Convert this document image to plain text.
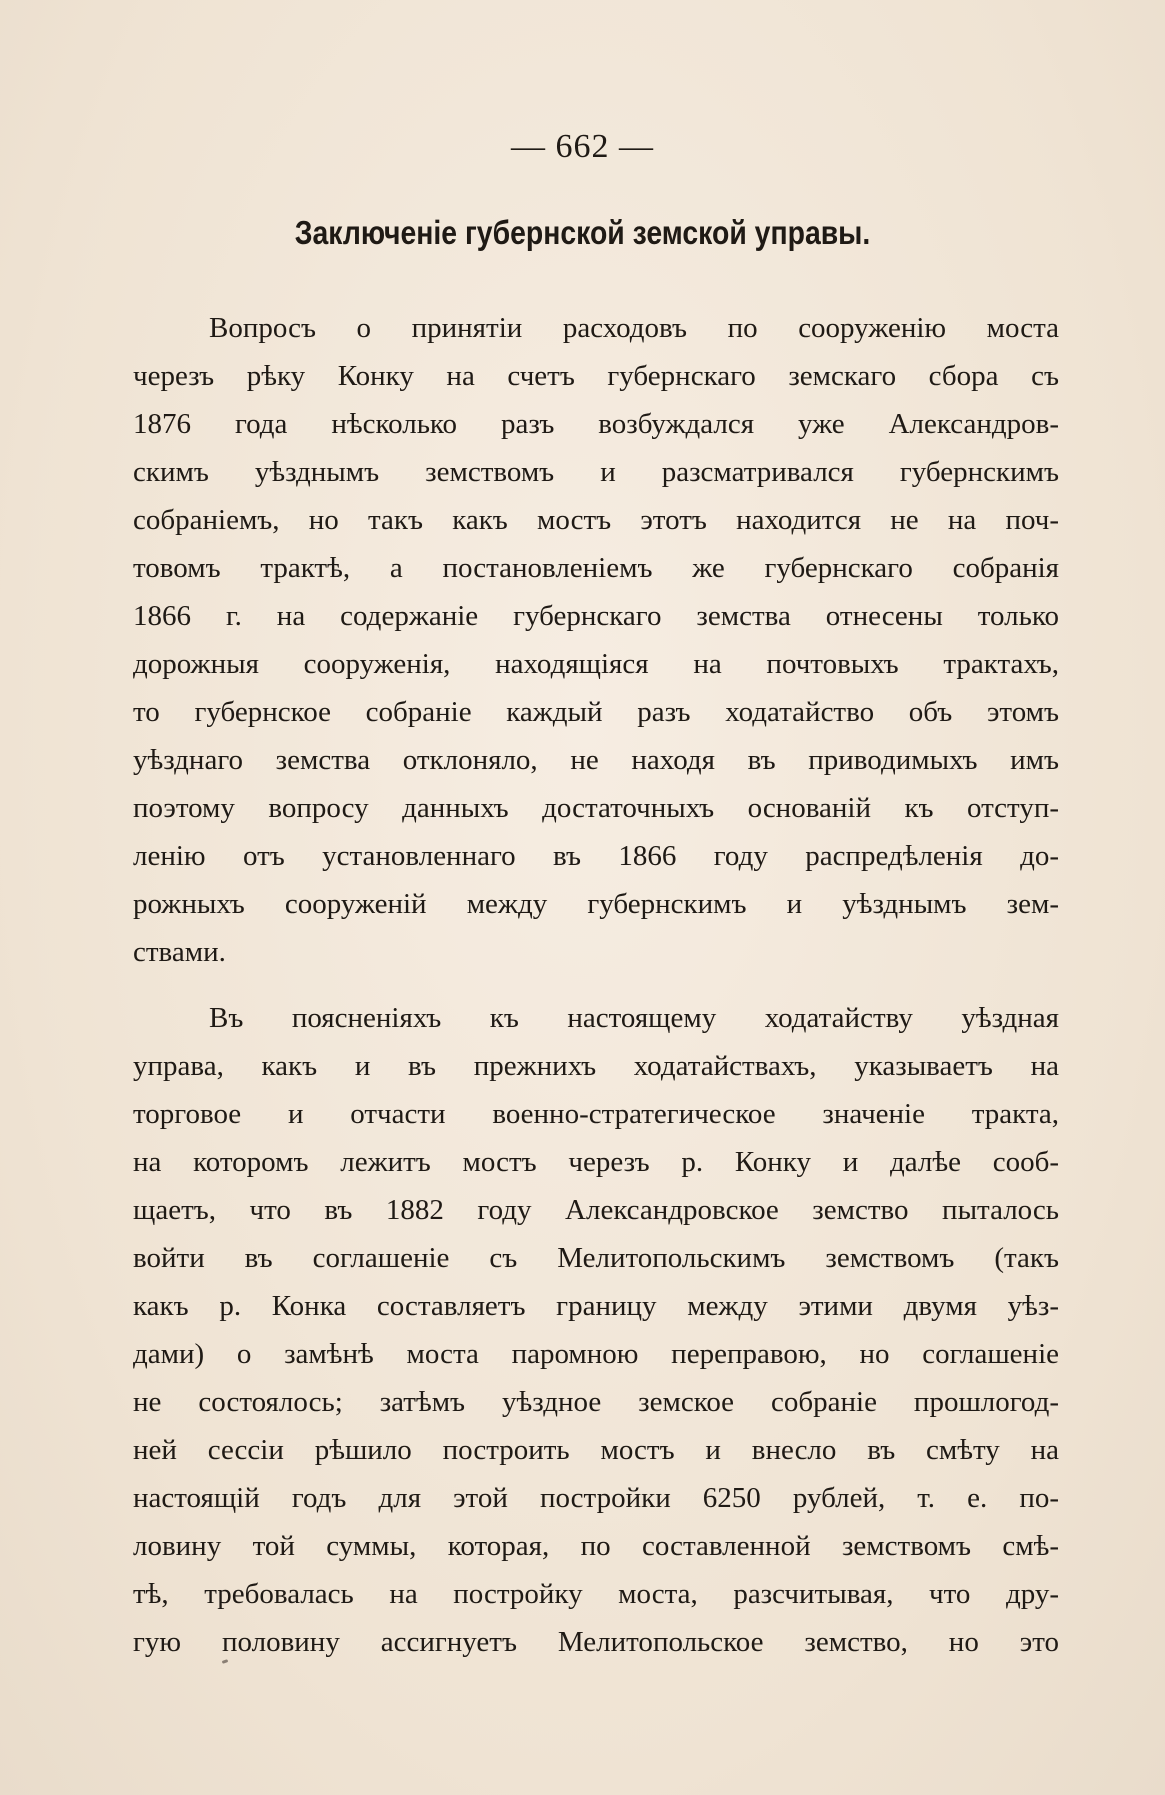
— 662 —
Заключеніе губернской земской управы.
Вопросъ о принятіи расходовъ по сооруженію моста
черезъ рѣку Конку на счетъ губернскаго земскаго сбора съ
1876 года нѣсколько разъ возбуждался уже Александров-
скимъ уѣзднымъ земствомъ и разсматривался губернскимъ
собраніемъ, но такъ какъ мостъ этотъ находится не на поч-
товомъ трактѣ, а постановленіемъ же губернскаго собранія
1866 г. на содержаніе губернскаго земства отнесены только
дорожныя сооруженія, находящіяся на почтовыхъ трактахъ,
то губернское собраніе каждый разъ ходатайство объ этомъ
уѣзднаго земства отклоняло, не находя въ приводимыхъ имъ
поэтому вопросу данныхъ достаточныхъ основаній къ отступ-
ленію отъ установленнаго въ 1866 году распредѣленія до-
рожныхъ сооруженій между губернскимъ и уѣзднымъ зем-
ствами.
Въ поясненіяхъ къ настоящему ходатайству уѣздная
управа, какъ и въ прежнихъ ходатайствахъ, указываетъ на
торговое и отчасти военно-стратегическое значеніе тракта,
на которомъ лежитъ мостъ черезъ р. Конку и далѣе сооб-
щаетъ, что въ 1882 году Александровское земство пыталось
войти въ соглашеніе съ Мелитопольскимъ земствомъ (такъ
какъ р. Конка составляетъ границу между этими двумя уѣз-
дами) о замѣнѣ моста паромною переправою, но соглашеніе
не состоялось; затѣмъ уѣздное земское собраніе прошлогод-
ней сессіи рѣшило построить мостъ и внесло въ смѣту на
настоящій годъ для этой постройки 6250 рублей, т. е. по-
ловину той суммы, которая, по составленной земствомъ смѣ-
тѣ, требовалась на постройку моста, разсчитывая, что дру-
гую половину ассигнуетъ Мелитопольское земство, но это
